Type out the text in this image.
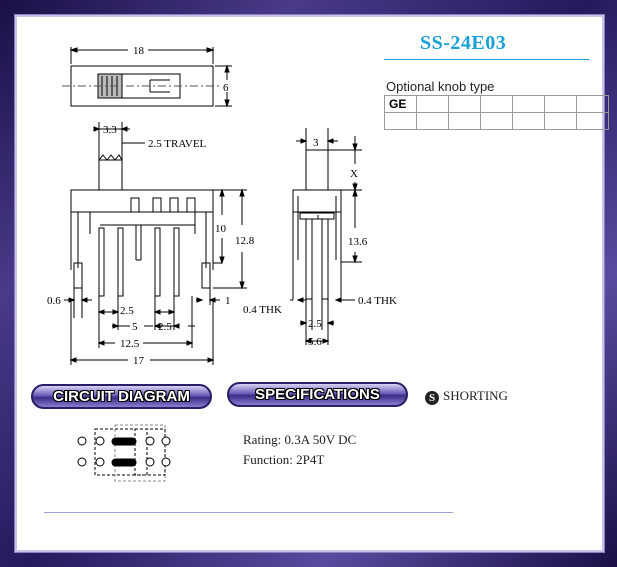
18
6
3.3
2.5 TRAVEL
10
12.8
0.6	1
2.5
5 2.5
12.5
17
3
X
13.6
0.4 THK
0.4 THK
2.5
5.6
SS-24E03
Optional knob type
GE						

CIRCUIT DIAGRAM	SPECIFICATIONS	S SHORTING
Rating: 0.3A 50V DC
Function: 2P4T
